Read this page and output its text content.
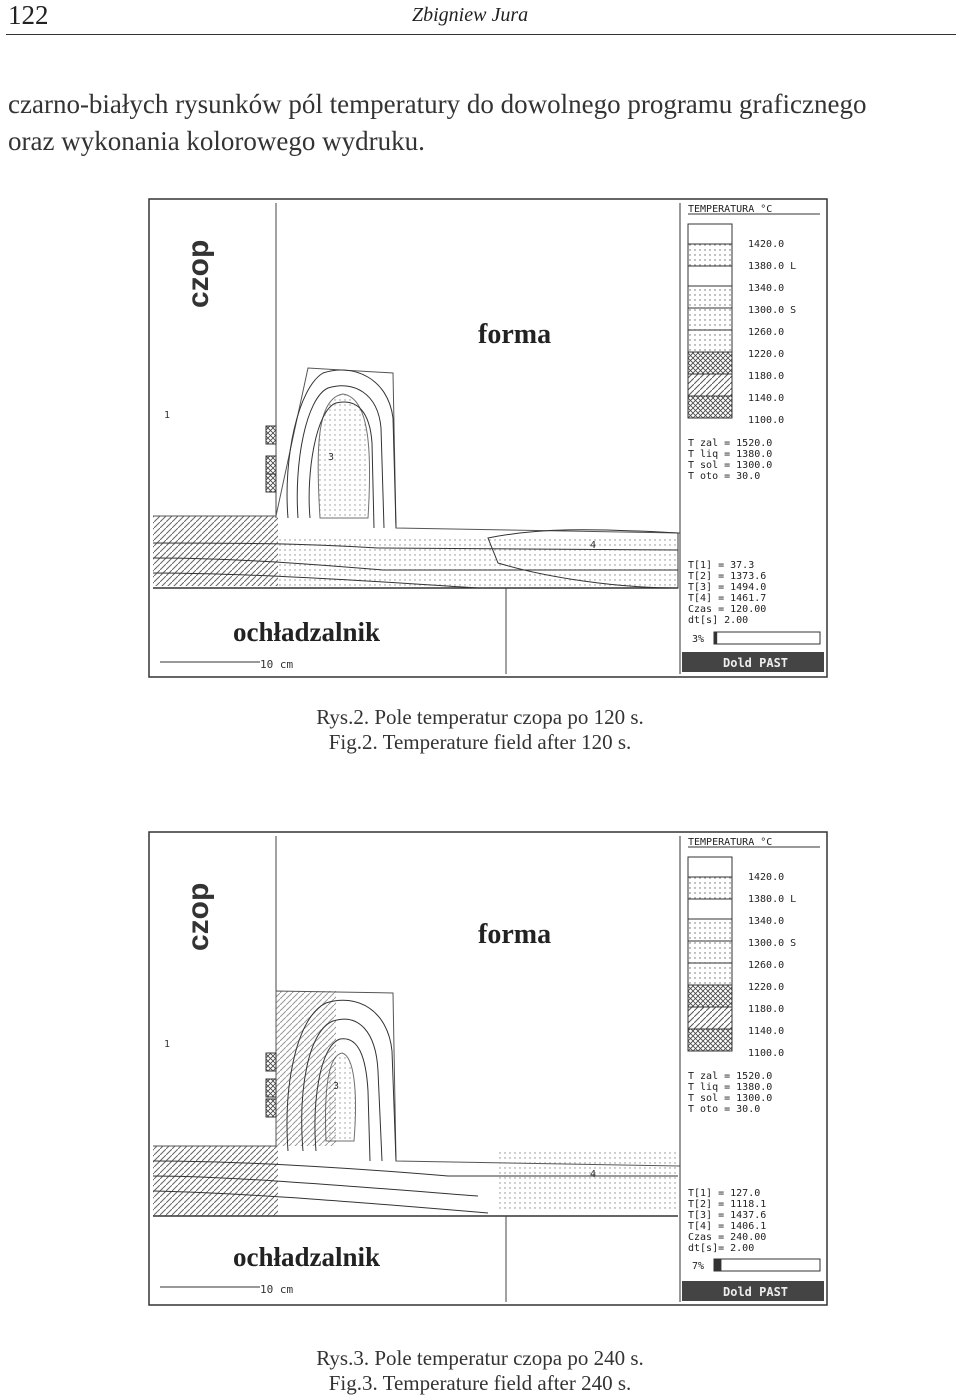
122	Zbigniew Jura
czarno-białych rysunków pól temperatury do dowolnego programu graficznego
oraz wykonania kolorowego wydruku.
czop
forma
ochładzalnik
10 cm
1
3
4
TEMPERATURA °C
1420.0
1380.0 L
1340.0
1300.0 S
1260.0
1220.0
1180.0
1140.0
1100.0
T zal = 1520.0
T liq = 1380.0
T sol = 1300.0
T oto = 30.0
T[1] = 37.3
T[2] = 1373.6
T[3] = 1494.0
T[4] = 1461.7
Czas = 120.00
dt[s] 2.00
3%
Dold PAST
Rys.2. Pole temperatur czopa po 120 s.
Fig.2. Temperature field after 120 s.
czop	forma
ochładzalnik
10 cm
1
3
4
TEMPERATURA °C
1420.0
1380.0 L
1340.0
1300.0 S
1260.0
1220.0
1180.0
1140.0
1100.0
T zal = 1520.0
T liq = 1380.0
T sol = 1300.0
T oto = 30.0
T[1] = 127.0
T[2] = 1118.1
T[3] = 1437.6
T[4] = 1406.1
Czas = 240.00
dt[s]= 2.00
7%
Dold PAST
Rys.3. Pole temperatur czopa po 240 s.
Fig.3. Temperature field after 240 s.
